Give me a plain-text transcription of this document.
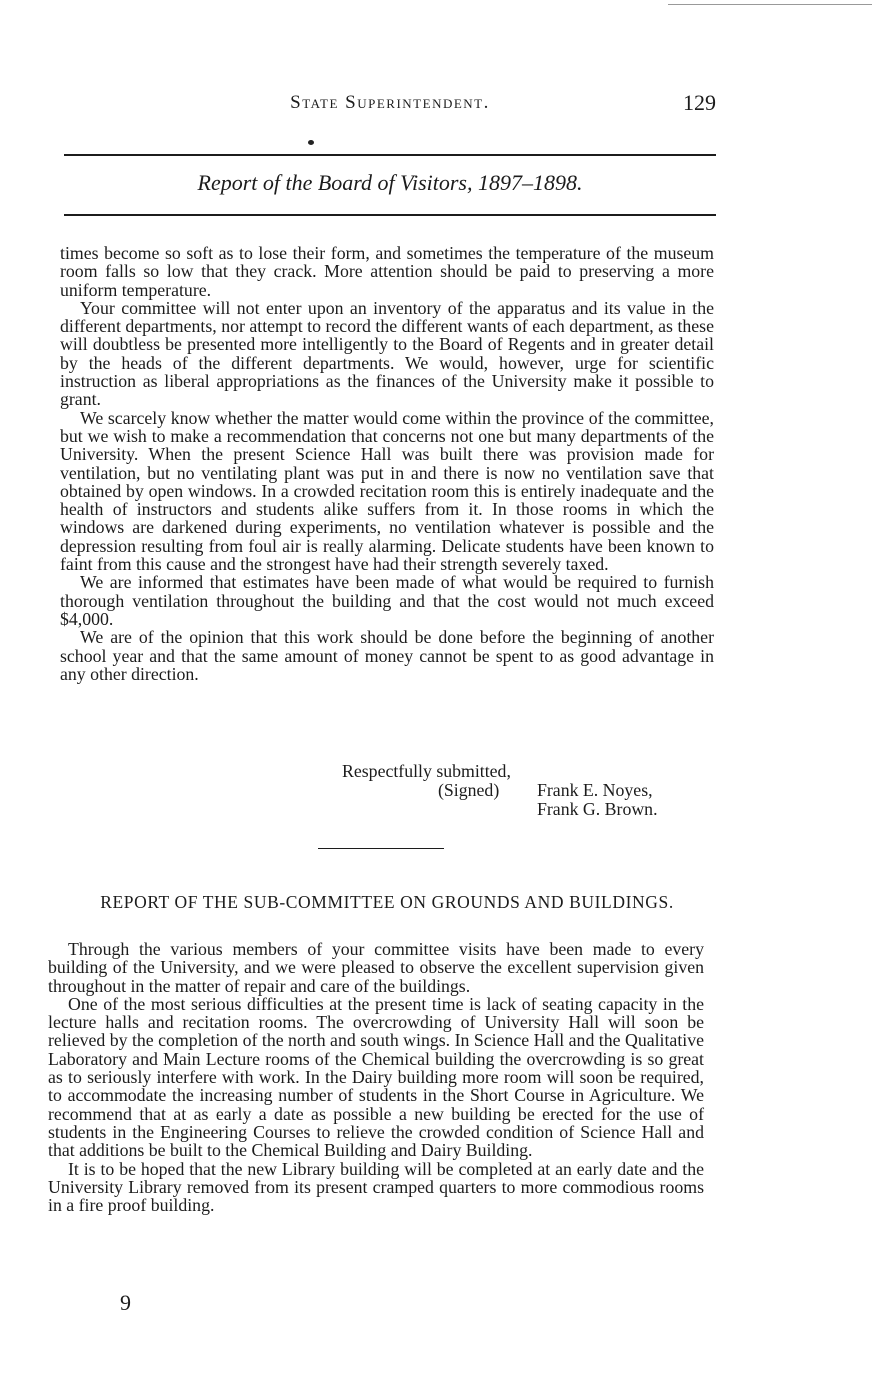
State Superintendent.	129
Report of the Board of Visitors, 1897–1898.

times become so soft as to lose their form, and sometimes the temperature of the museum room falls so low that they crack. More attention should be paid to preserving a more uniform temperature.

Your committee will not enter upon an inventory of the apparatus and its value in the different departments, nor attempt to record the different wants of each department, as these will doubtless be presented more intelligently to the Board of Regents and in greater detail by the heads of the different departments. We would, however, urge for scientific instruction as liberal appropriations as the finances of the University make it possible to grant.

We scarcely know whether the matter would come within the province of the committee, but we wish to make a recommendation that concerns not one but many departments of the University. When the present Science Hall was built there was provision made for ventilation, but no ventilating plant was put in and there is now no ventilation save that obtained by open windows. In a crowded recitation room this is entirely inadequate and the health of instructors and students alike suffers from it. In those rooms in which the windows are darkened during experiments, no ventilation whatever is possible and the depression resulting from foul air is really alarming. Delicate students have been known to faint from this cause and the strongest have had their strength severely taxed.

We are informed that estimates have been made of what would be required to furnish thorough ventilation throughout the building and that the cost would not much exceed $4,000.

We are of the opinion that this work should be done before the beginning of another school year and that the same amount of money cannot be spent to as good advantage in any other direction.

Respectfully submitted,
(Signed) Frank E. Noyes,
Frank G. Brown.
REPORT OF THE SUB-COMMITTEE ON GROUNDS AND BUILDINGS.

Through the various members of your committee visits have been made to every building of the University, and we were pleased to observe the excellent supervision given throughout in the matter of repair and care of the buildings.

One of the most serious difficulties at the present time is lack of seating capacity in the lecture halls and recitation rooms. The overcrowding of University Hall will soon be relieved by the completion of the north and south wings. In Science Hall and the Qualitative Laboratory and Main Lecture rooms of the Chemical building the overcrowding is so great as to seriously interfere with work. In the Dairy building more room will soon be required, to accommodate the increasing number of students in the Short Course in Agriculture. We recommend that at as early a date as possible a new building be erected for the use of students in the Engineering Courses to relieve the crowded condition of Science Hall and that additions be built to the Chemical Building and Dairy Building.

It is to be hoped that the new Library building will be completed at an early date and the University Library removed from its present cramped quarters to more commodious rooms in a fire proof building.

9
